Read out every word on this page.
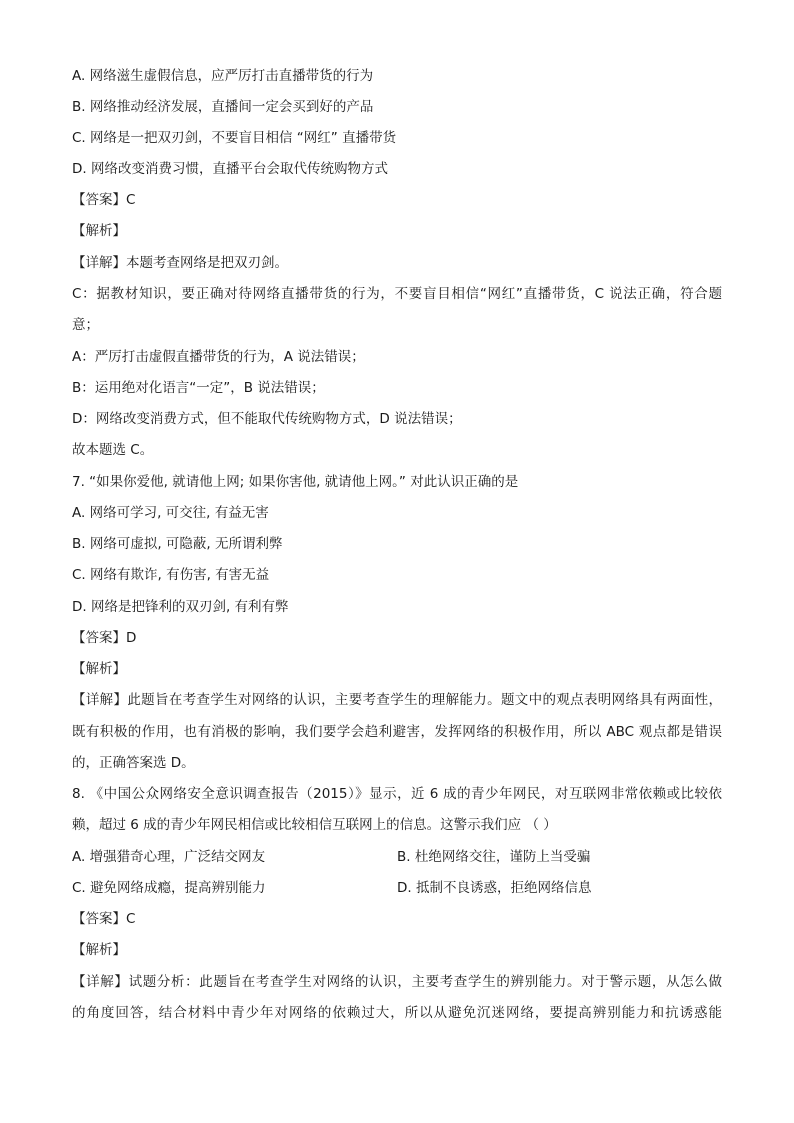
A. 网络滋生虚假信息，应严厉打击直播带货的行为
B. 网络推动经济发展，直播间一定会买到好的产品
C. 网络是一把双刃剑，不要盲目相信 “网红” 直播带货
D. 网络改变消费习惯，直播平台会取代传统购物方式
【答案】C
【解析】
【详解】本题考查网络是把双刃剑。
C：据教材知识，要正确对待网络直播带货的行为，不要盲目相信“网红”直播带货，C 说法正确，符合题
意；
A：严厉打击虚假直播带货的行为，A 说法错误；
B：运用绝对化语言“一定”，B 说法错误；
D：网络改变消费方式，但不能取代传统购物方式，D 说法错误；
故本题选 C。
7. “如果你爱他, 就请他上网; 如果你害他, 就请他上网。” 对此认识正确的是
A. 网络可学习, 可交往, 有益无害
B. 网络可虚拟, 可隐蔽, 无所谓利弊
C. 网络有欺诈, 有伤害, 有害无益
D. 网络是把锋利的双刃剑, 有利有弊
【答案】D
【解析】
【详解】此题旨在考查学生对网络的认识，主要考查学生的理解能力。题文中的观点表明网络具有两面性，
既有积极的作用，也有消极的影响，我们要学会趋利避害，发挥网络的积极作用，所以 ABC 观点都是错误
的，正确答案选 D。
8. 《中国公众网络安全意识调查报告（2015）》显示，近 6 成的青少年网民，对互联网非常依赖或比较依
赖，超过 6 成的青少年网民相信或比较相信互联网上的信息。这警示我们应 （ ）
A. 增强猎奇心理，广泛结交网友	B. 杜绝网络交往，谨防上当受骗
C. 避免网络成瘾，提高辨别能力	D. 抵制不良诱惑，拒绝网络信息
【答案】C
【解析】
【详解】试题分析：此题旨在考查学生对网络的认识，主要考查学生的辨别能力。对于警示题，从怎么做
的角度回答，结合材料中青少年对网络的依赖过大，所以从避免沉迷网络，要提高辨别能力和抗诱惑能
